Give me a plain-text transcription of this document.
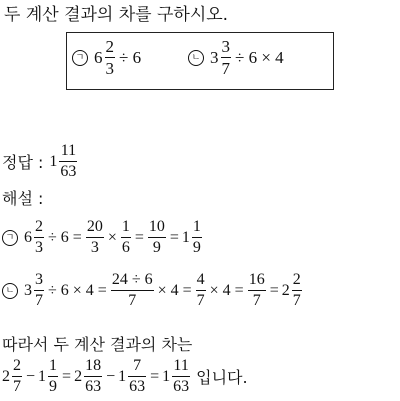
두 계산 결과의 차를 구하시오.
ㄱ $6 \frac{2}{3} \div 6$	ㄴ $3 \frac{3}{7} \div 6 \times 4$
정답 : $1 \frac{11}{63}$
해설 :
ㄱ $6 \frac{2}{3} \div 6 = \frac{20}{3} \times \frac{1}{6} = \frac{10}{9} = 1 \frac{1}{9}$
ㄴ $3 \frac{3}{7} \div 6 \times 4 = \frac{24 \div 6}{7} \times 4 = \frac{4}{7} \times 4 = \frac{16}{7} = 2 \frac{2}{7}$
따라서 두 계산 결과의 차는
$2 \frac{2}{7} - 1 \frac{1}{9} = 2 \frac{18}{63} - 1 \frac{7}{63} = 1 \frac{11}{63}$ 입니다.
